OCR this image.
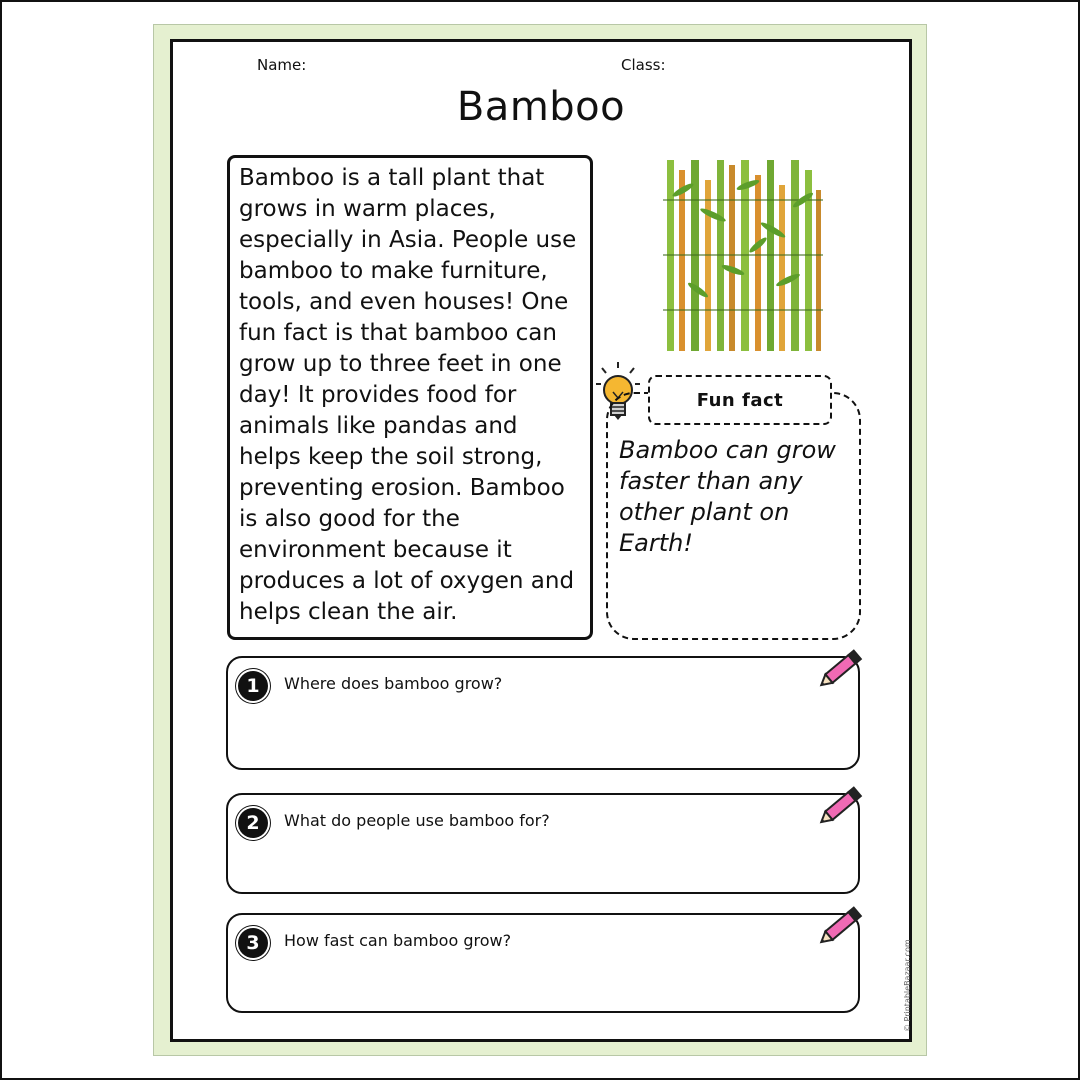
Name:	Class:
Bamboo

Bamboo is a tall plant that grows in warm places, especially in Asia. People use bamboo to make furniture, tools, and even houses! One fun fact is that bamboo can grow up to three feet in one day! It provides food for animals like pandas and helps keep the soil strong, preventing erosion. Bamboo is also good for the environment because it produces a lot of oxygen and helps clean the air.

Fun fact

Bamboo can grow faster than any other plant on Earth!

1	Where does bamboo grow?
2	What do people use bamboo for?
3	How fast can bamboo grow?	© PrintableBazaar.com
